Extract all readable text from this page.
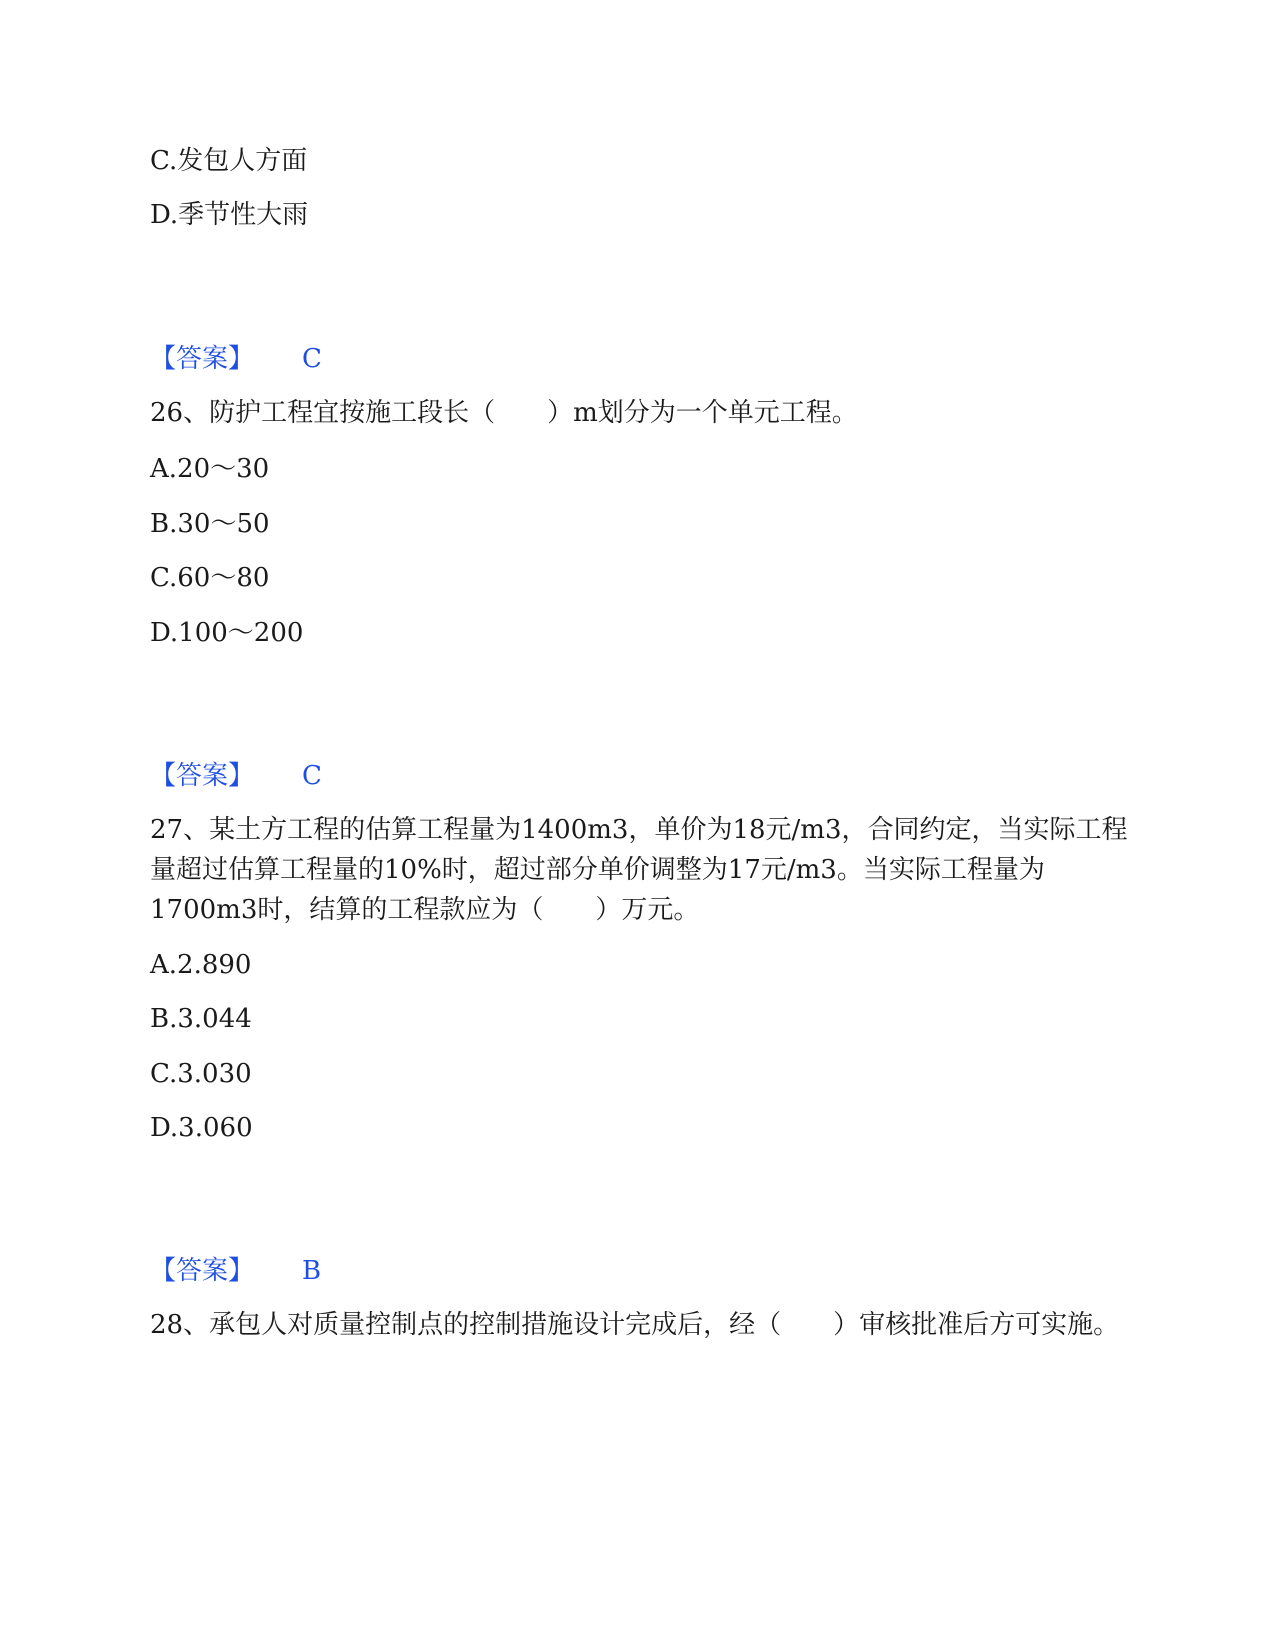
C.发包人方面
D.季节性大雨
【答案】 C
26、防护工程宜按施工段长（　　）m划分为一个单元工程。
A.20～30
B.30～50
C.60～80
D.100～200
【答案】 C
27、某土方工程的估算工程量为1400m3，单价为18元/m3，合同约定，当实际工程量超过估算工程量的10%时，超过部分单价调整为17元/m3。当实际工程量为1700m3时，结算的工程款应为（　　）万元。
A.2.890
B.3.044
C.3.030
D.3.060
【答案】 B
28、承包人对质量控制点的控制措施设计完成后，经（　　）审核批准后方可实施。
